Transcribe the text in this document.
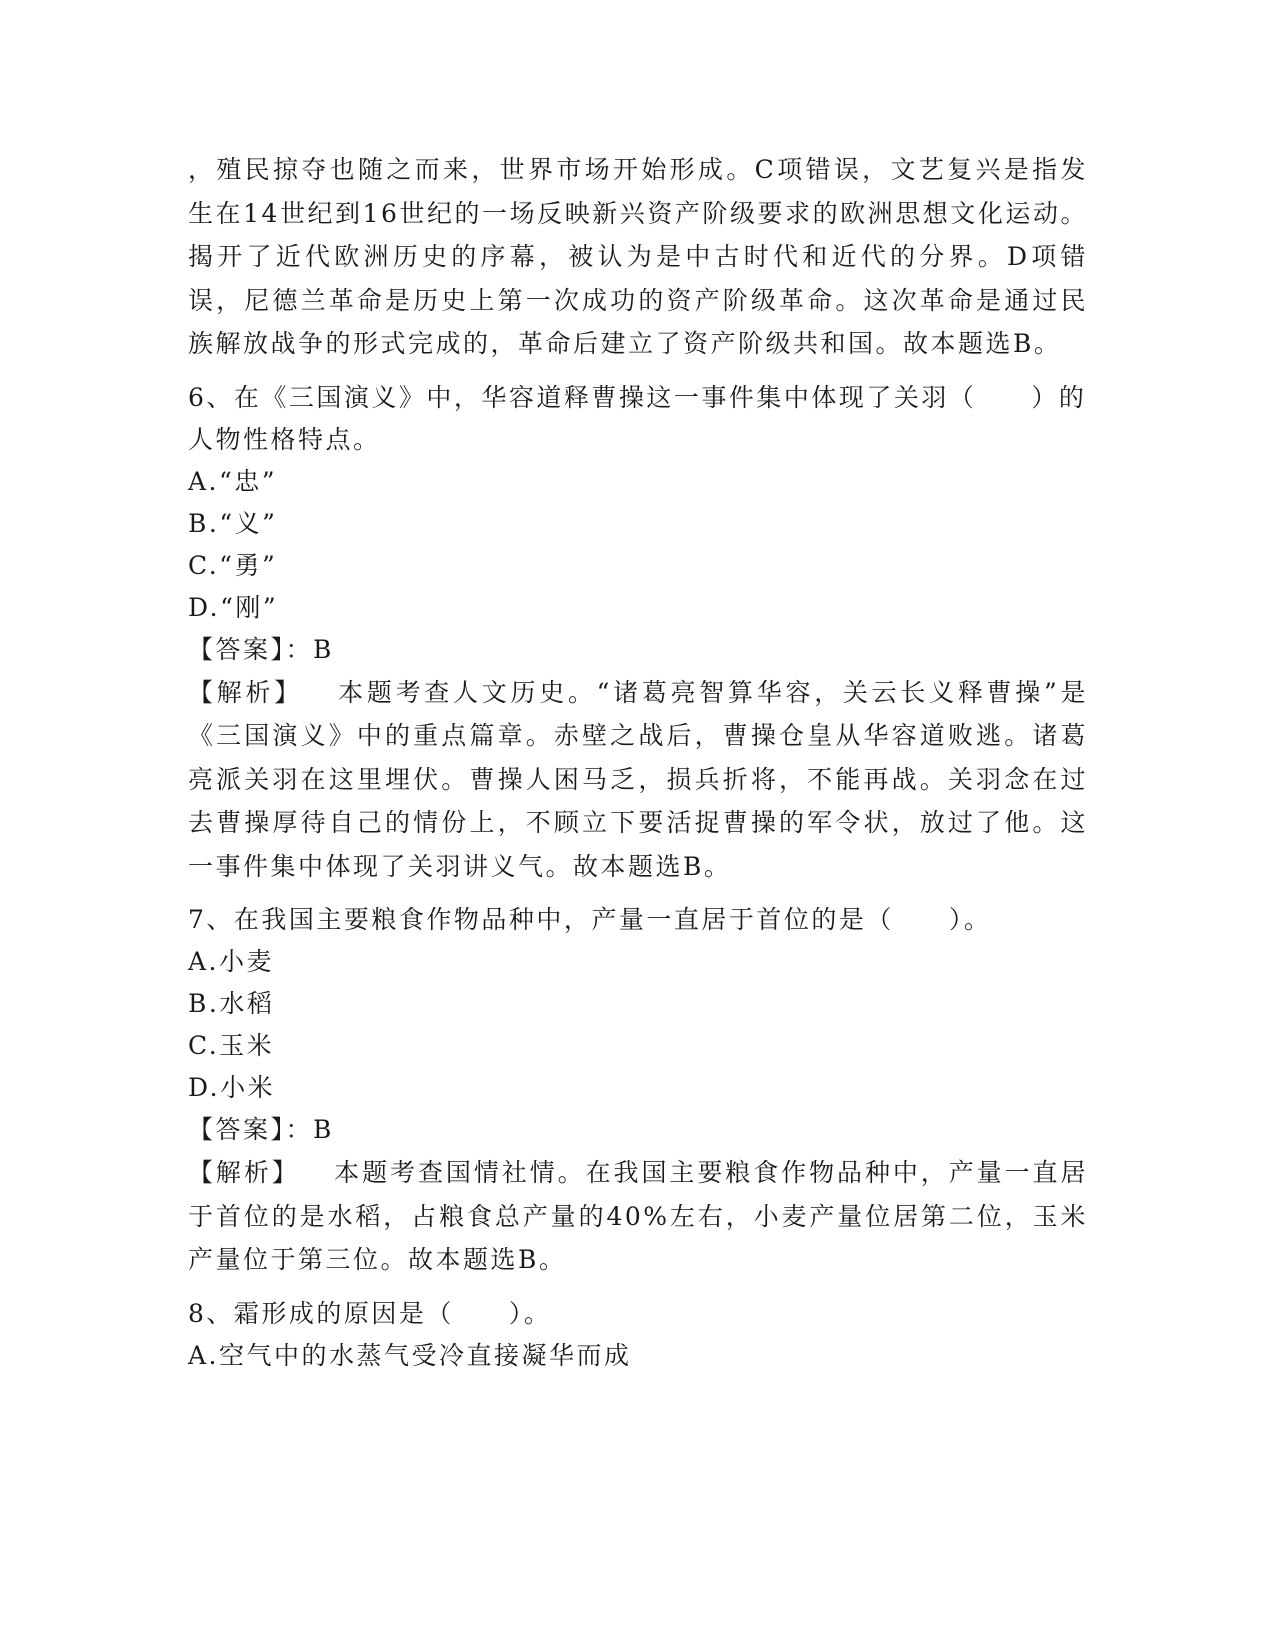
，殖民掠夺也随之而来，世界市场开始形成。C项错误，文艺复兴是指发生在14世纪到16世纪的一场反映新兴资产阶级要求的欧洲思想文化运动。揭开了近代欧洲历史的序幕，被认为是中古时代和近代的分界。D项错误，尼德兰革命是历史上第一次成功的资产阶级革命。这次革命是通过民族解放战争的形式完成的，革命后建立了资产阶级共和国。故本题选B。

6、在《三国演义》中，华容道释曹操这一事件集中体现了关羽（　　）的人物性格特点。

A.“忠”

B.“义”

C.“勇”

D.“刚”

【答案】：B

【解析】 本题考查人文历史。“诸葛亮智算华容，关云长义释曹操”是《三国演义》中的重点篇章。赤壁之战后，曹操仓皇从华容道败逃。诸葛亮派关羽在这里埋伏。曹操人困马乏，损兵折将，不能再战。关羽念在过去曹操厚待自己的情份上，不顾立下要活捉曹操的军令状，放过了他。这一事件集中体现了关羽讲义气。故本题选B。

7、在我国主要粮食作物品种中，产量一直居于首位的是（　　）。

A.小麦

B.水稻

C.玉米

D.小米

【答案】：B

【解析】 本题考查国情社情。在我国主要粮食作物品种中，产量一直居于首位的是水稻，占粮食总产量的40%左右，小麦产量位居第二位，玉米产量位于第三位。故本题选B。

8、霜形成的原因是（　　）。

A.空气中的水蒸气受冷直接凝华而成
